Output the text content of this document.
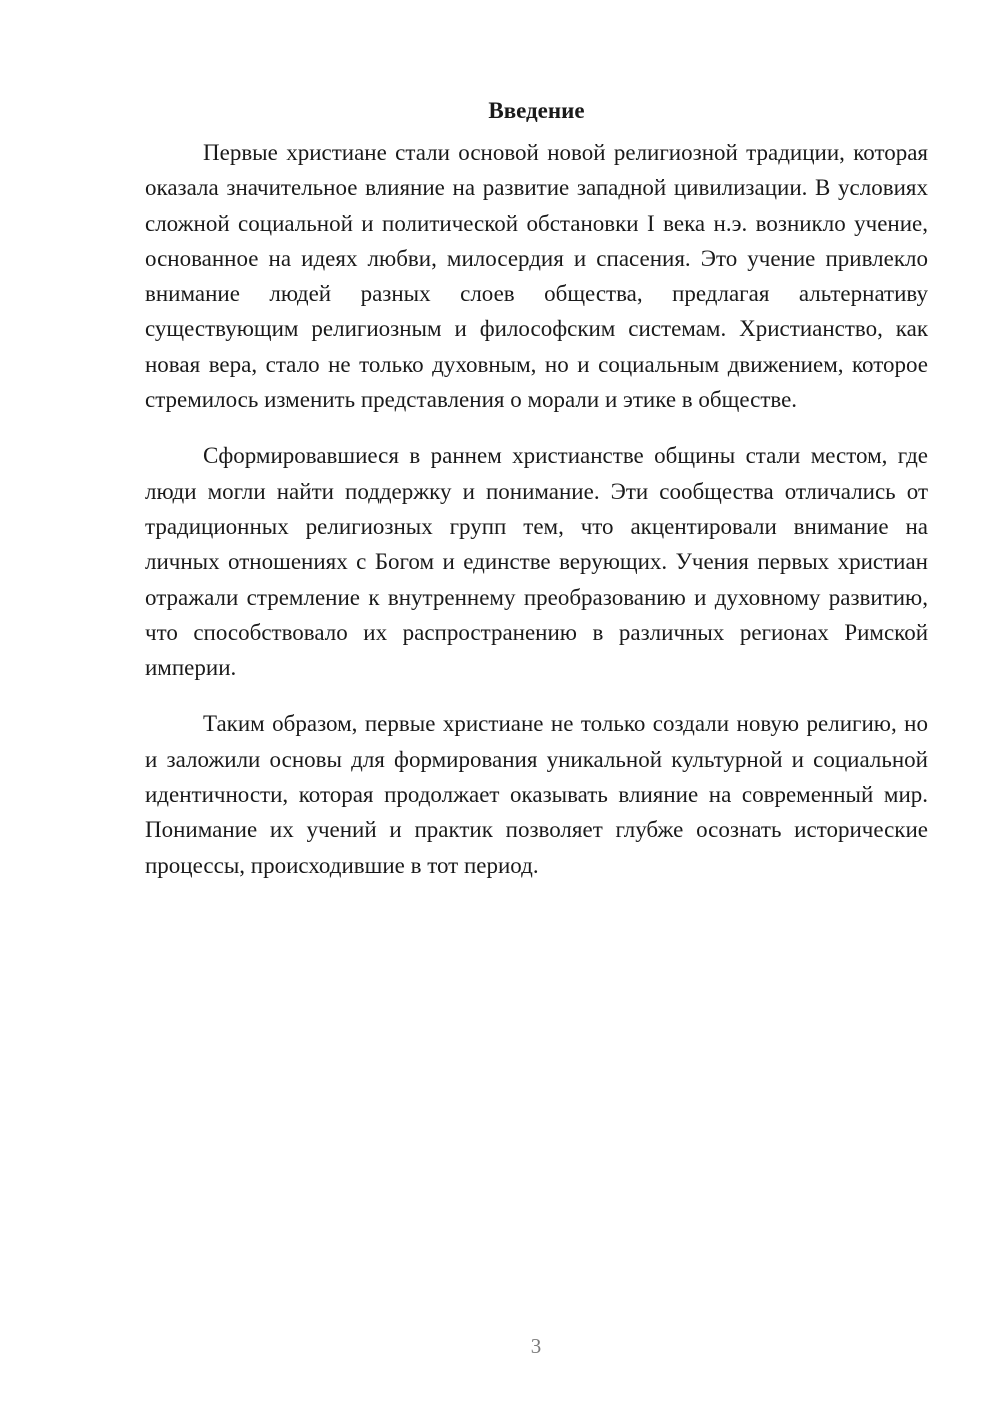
Введение

Первые христиане стали основой новой религиозной традиции, которая оказала значительное влияние на развитие западной цивилизации. В условиях сложной социальной и политической обстановки I века н.э. возникло учение, основанное на идеях любви, милосердия и спасения. Это учение привлекло внимание людей разных слоев общества, предлагая альтернативу существующим религиозным и философским системам. Христианство, как новая вера, стало не только духовным, но и социальным движением, которое стремилось изменить представления о морали и этике в обществе.

Сформировавшиеся в раннем христианстве общины стали местом, где люди могли найти поддержку и понимание. Эти сообщества отличались от традиционных религиозных групп тем, что акцентировали внимание на личных отношениях с Богом и единстве верующих. Учения первых христиан отражали стремление к внутреннему преобразованию и духовному развитию, что способствовало их распространению в различных регионах Римской империи.

Таким образом, первые христиане не только создали новую религию, но и заложили основы для формирования уникальной культурной и социальной идентичности, которая продолжает оказывать влияние на современный мир. Понимание их учений и практик позволяет глубже осознать исторические процессы, происходившие в тот период.

3
